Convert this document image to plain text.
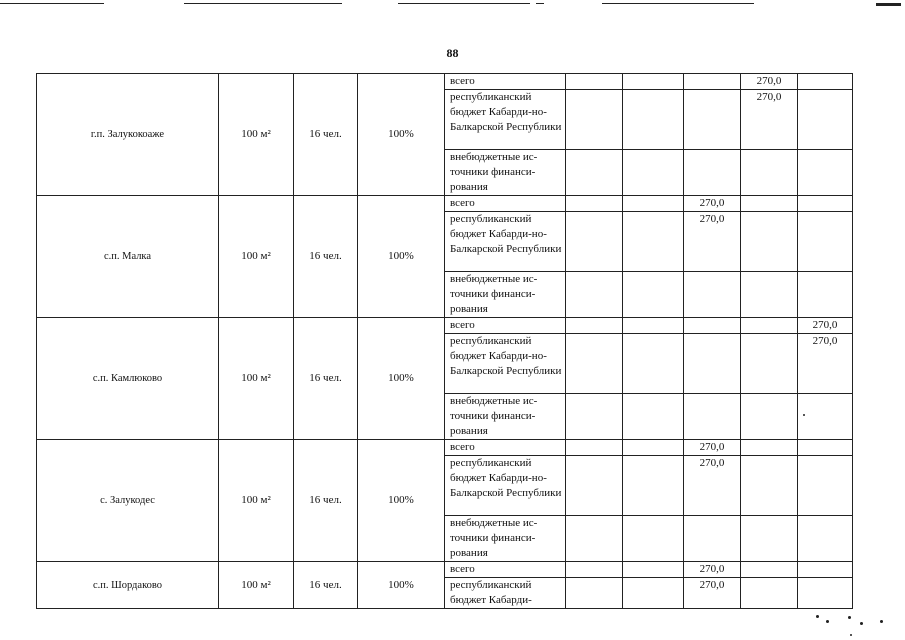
88
г.п. Залукокоаже	100 м²	16 чел.	100%	всего				270,0	
				республиканский бюджет Кабарди-но-Балкарской Республики				270,0	
				внебюджетные ис-точники финанси-рования					
с.п. Малка	100 м²	16 чел.	100%	всего			270,0		
				республиканский бюджет Кабарди-но-Балкарской Республики			270,0		
				внебюджетные ис-точники финанси-рования					
с.п. Камлюково	100 м²	16 чел.	100%	всего					270,0
				республиканский бюджет Кабарди-но-Балкарской Республики					270,0
				внебюджетные ис-точники финанси-рования					
с. Залукодес	100 м²	16 чел.	100%	всего			270,0		
				республиканский бюджет Кабарди-но-Балкарской Республики			270,0		
				внебюджетные ис-точники финанси-рования					
с.п. Шордаково	100 м²	16 чел.	100%	всего			270,0		
				республиканский бюджет Кабарди-			270,0		
